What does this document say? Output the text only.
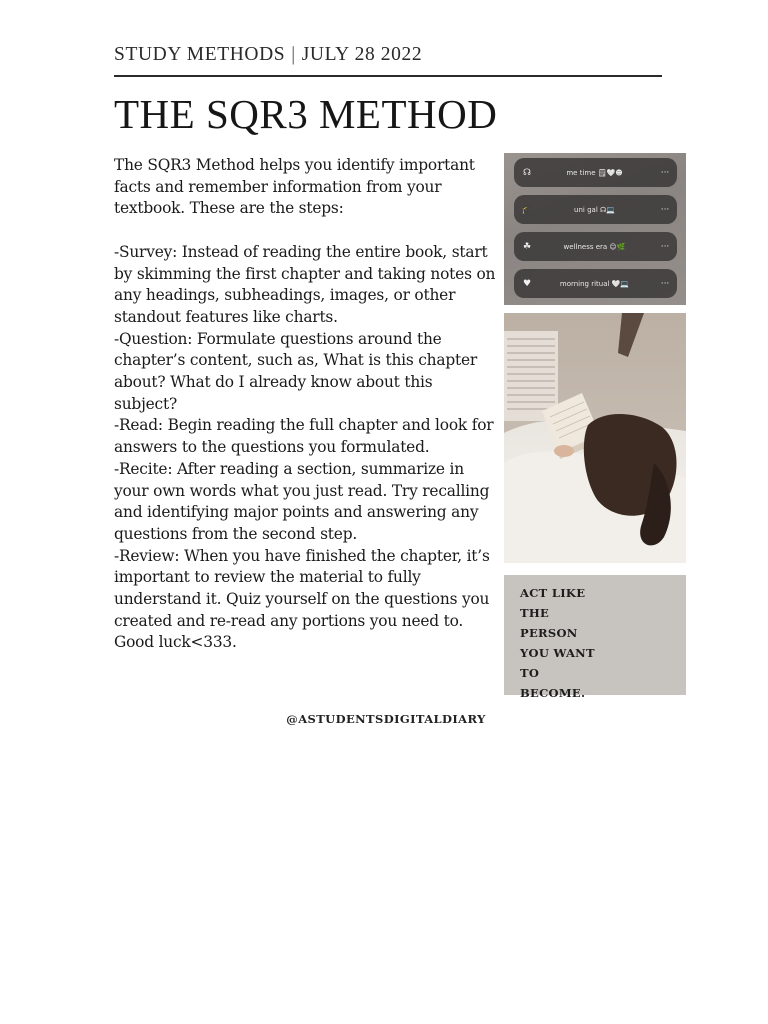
STUDY METHODS | JULY 28 2022
THE SQR3 METHOD

The SQR3 Method helps you identify important facts and remember information from your textbook. These are the steps:

-Survey: Instead of reading the entire book, start by skimming the first chapter and taking notes on any headings, subheadings, images, or other standout features like charts.

-Question: Formulate questions around the chapter’s content, such as, What is this chapter about? What do I already know about this subject?

-Read: Begin reading the full chapter and look for answers to the questions you formulated.

-Recite: After reading a section, summarize in your own words what you just read. Try recalling and identifying major points and answering any questions from the second step.

-Review: When you have finished the chapter, it’s important to review the material to fully understand it. Quiz yourself on the questions you created and re-read any portions you need to. Good luck<333.

☊	me time 🗒🤍☻	···
🎓	uni gal ☊💻	···
☘	wellness era ☺🌿	···
♥	morning ritual 🤍💻	···
ACT LIKE
THE
PERSON
YOU WANT
TO
BECOME.
@ASTUDENTSDIGITALDIARY
